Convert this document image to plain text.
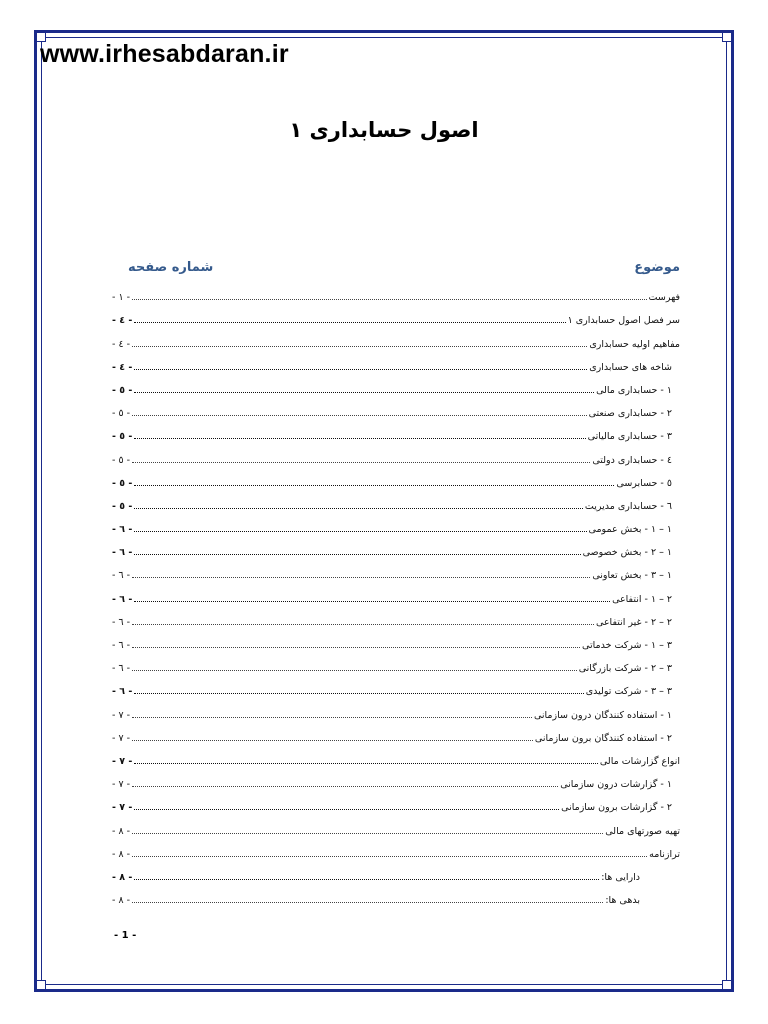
www.irhesabdaran.ir
اصول حسابداری ۱
موضوع
شماره صفحه
فهرست
- ۱ -
سر فصل اصول حسابداری ۱
- ٤ -
مفاهیم اولیه حسابداری
- ٤ -
شاخه های حسابداری
- ٤ -
١ - حسابداری مالی
- ٥ -
٢ - حسابداری صنعتی
- ٥ -
٣ - حسابداری مالیاتی
- ٥ -
٤ - حسابداری دولتی
- ٥ -
٥ - حسابرسی
- ٥ -
٦ - حسابداری مدیریت
- ٥ -
١ – ١ - بخش عمومی
- ٦ -
١ – ٢ - بخش خصوصی
- ٦ -
١ – ٣ - بخش تعاونی
- ٦ -
٢ – ١ - انتفاعی
- ٦ -
٢ – ٢ - غیر انتفاعی
- ٦ -
٣ – ١ - شرکت خدماتی
- ٦ -
٣ – ٢ - شرکت بازرگانی
- ٦ -
٣ – ٣ - شرکت تولیدی
- ٦ -
١ - استفاده کنندگان درون سازمانی
- ٧ -
٢ - استفاده کنندگان برون سازمانی
- ٧ -
انواع گزارشات مالی
- ٧ -
١ - گزارشات درون سازمانی
- ٧ -
٢ - گزارشات برون سازمانی
- ٧ -
تهیه صورتهای مالی
- ٨ -
ترازنامه
- ٨ -
دارایی ها:
- ٨ -
بدهی ها:
- ٨ -
- 1 -
